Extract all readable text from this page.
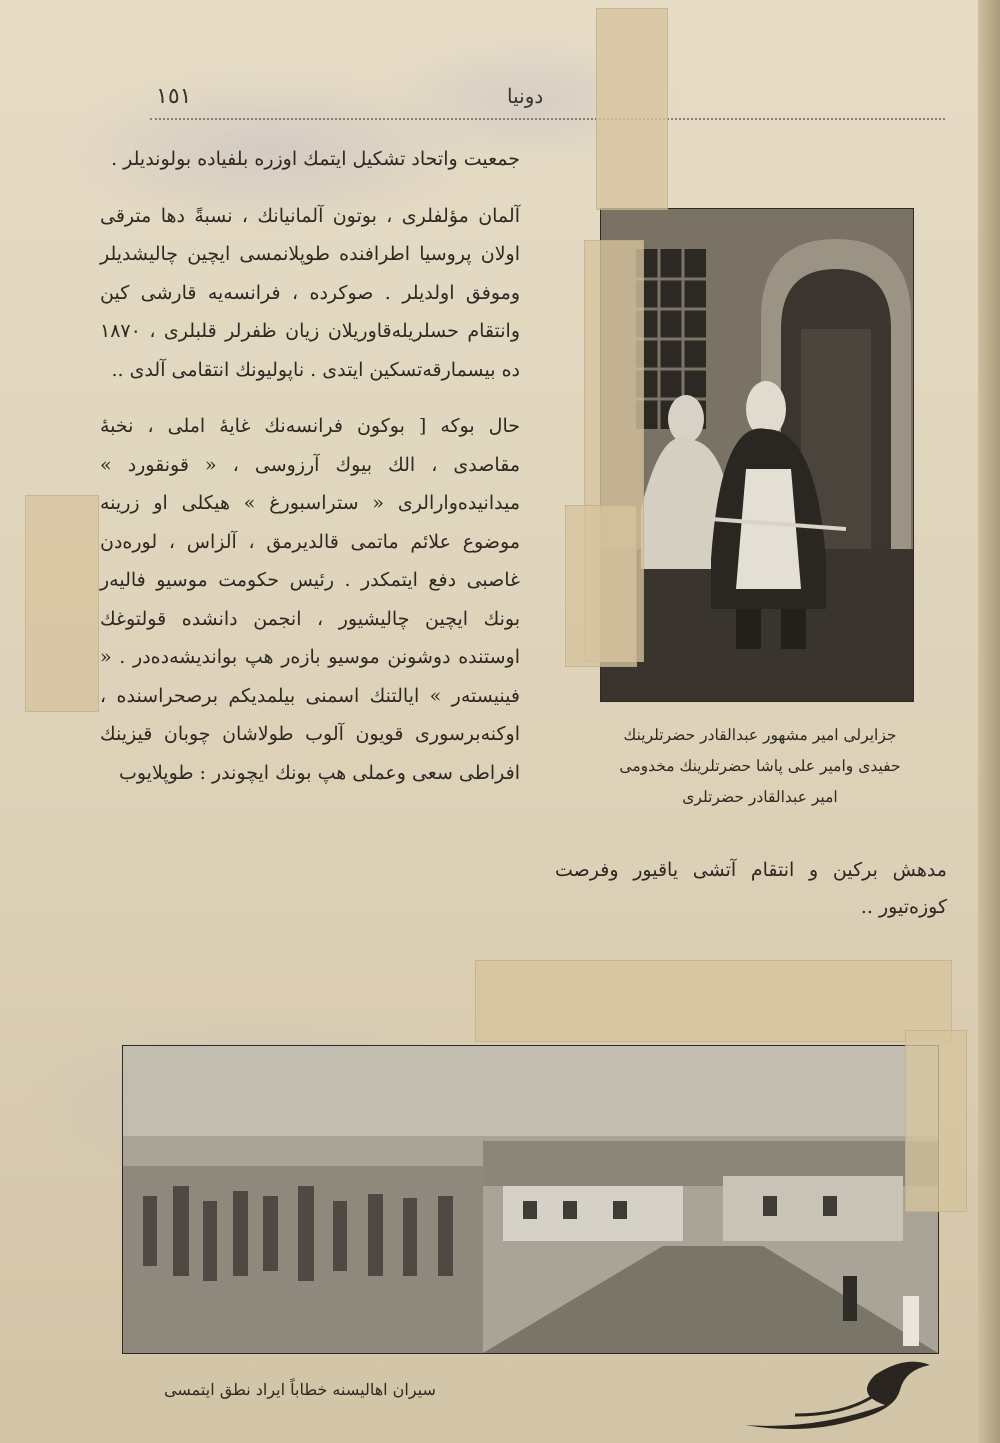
١٥١	دونیا

جمعیت واتحاد تشکیل ایتمك اوزره بلفیاده بولوندیلر .

آلمان مؤلفلری ، بوتون آلمانیانك ، نسبةً دها مترقی اولان پروسیا اطرافنده طوپلانمسی ایچین چالیشدیلر وموفق اولدیلر . صوکرده ، فرانسه‌یه قارشی کین وانتقام حسلریله‌قاوریلان زیان ظفرلر قلبلری ، ۱۸۷۰ ده بیسمارقه‌تسکین ایتدی . ناپولیونك انتقامی آلدی ..

حال بوکه [ بوکون فرانسه‌نك غایهٔ املی ، نخبهٔ مقاصدی ، الك بیوك آرزوسی ، « قونقورد » میدانیده‌وارالری « ستراسبورغ » هیکلی او زرینه موضوع علائم ماتمی قالدیرمق ، آلزاس ، لوره‌دن غاصبی دفع ایتمکدر . رئیس حکومت موسیو فالیه‌ر بونك ایچین چالیشیور ، انجمن دانشده قولتوغك اوستنده دوشونن موسیو بازه‌ر هپ بواندیشه‌ده‌در . « فینیسته‌ر » ایالتنك اسمنی بیلمدیکم برصحراسنده ، اوکنه‌برسوری قویون آلوب طولاشان چوبان قیزینك افراطی سعی وعملی هپ بونك ایچوندر : طوپلایوب

جزایرلی امیر مشهور عبدالقادر حضرتلرینك

حفیدی وامیر علی پاشا حضرتلرینك مخدومی

امیر عبدالقادر حضرتلری

مدهش برکین و انتقام آتشی یاقیور وفرصت کوزه‌تیور ..
سیران اهالیسنه خطاباً ایراد نطق ایتمسی
